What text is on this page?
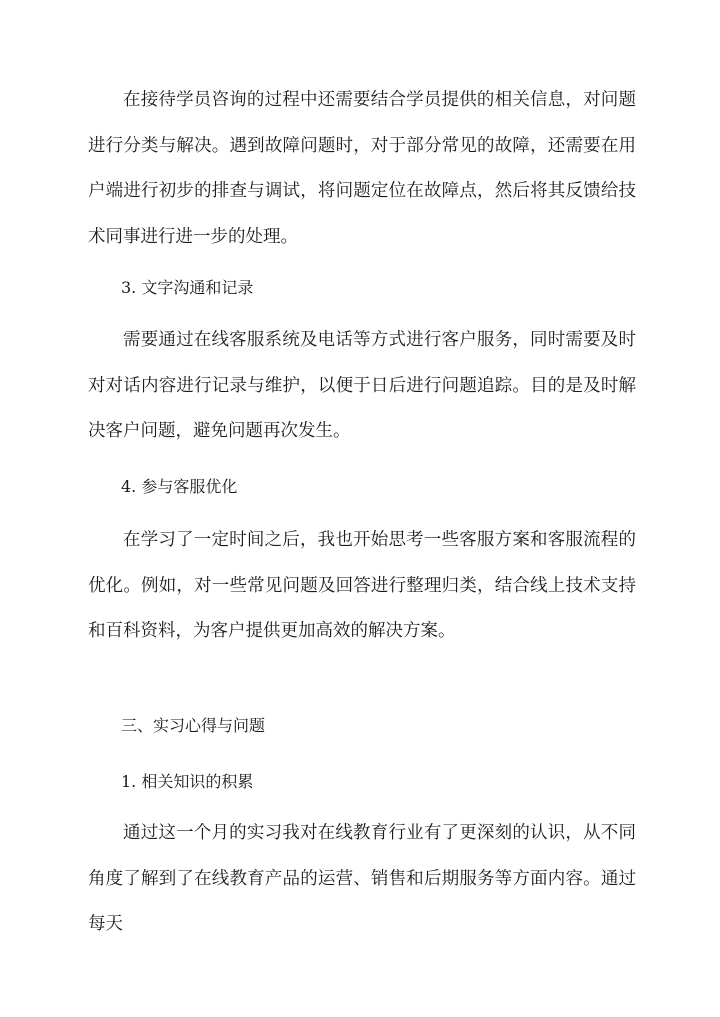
在接待学员咨询的过程中还需要结合学员提供的相关信息，对问题进行分类与解决。遇到故障问题时，对于部分常见的故障，还需要在用户端进行初步的排查与调试，将问题定位在故障点，然后将其反馈给技术同事进行进一步的处理。

3. 文字沟通和记录

需要通过在线客服系统及电话等方式进行客户服务，同时需要及时对对话内容进行记录与维护，以便于日后进行问题追踪。目的是及时解决客户问题，避免问题再次发生。

4. 参与客服优化

在学习了一定时间之后，我也开始思考一些客服方案和客服流程的优化。例如，对一些常见问题及回答进行整理归类，结合线上技术支持和百科资料，为客户提供更加高效的解决方案。

三、实习心得与问题

1. 相关知识的积累

通过这一个月的实习我对在线教育行业有了更深刻的认识，从不同角度了解到了在线教育产品的运营、销售和后期服务等方面内容。通过每天
